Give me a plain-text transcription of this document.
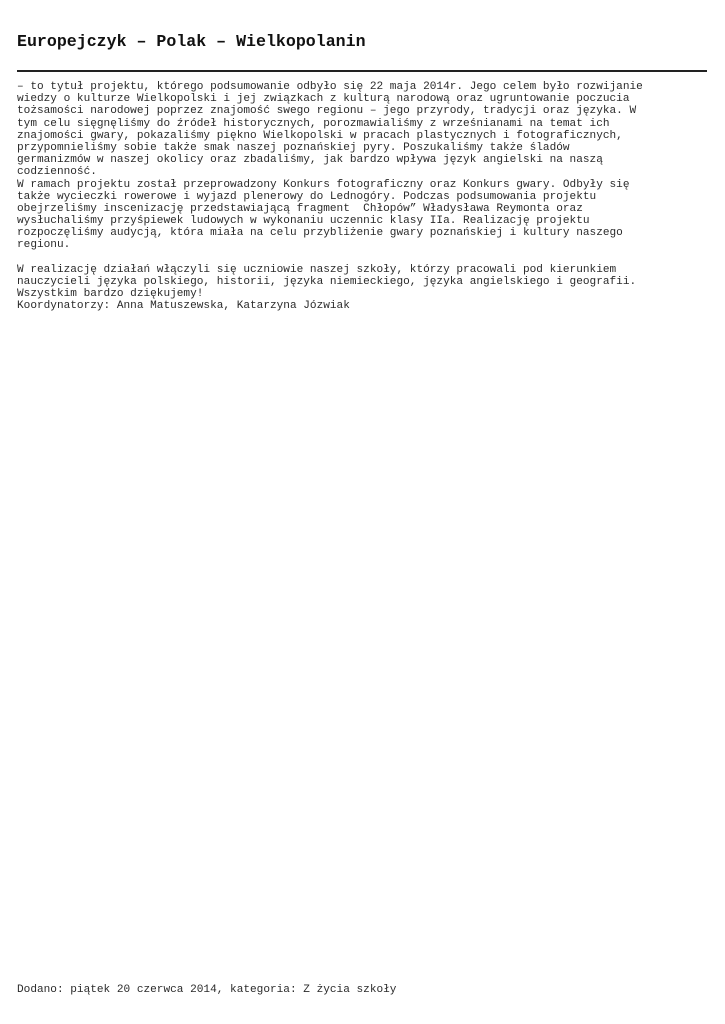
Europejczyk – Polak – Wielkopolanin
– to tytuł projektu, którego podsumowanie odbyło się 22 maja 2014r. Jego celem było rozwijanie
wiedzy o kulturze Wielkopolski i jej związkach z kulturą narodową oraz ugruntowanie poczucia
tożsamości narodowej poprzez znajomość swego regionu – jego przyrody, tradycji oraz języka. W
tym celu sięgnęliśmy do źródeł historycznych, porozmawialiśmy z wrześnianami na temat ich
znajomości gwary, pokazaliśmy piękno Wielkopolski w pracach plastycznych i fotograficznych,
przypomnieliśmy sobie także smak naszej poznańskiej pyry. Poszukaliśmy także śladów
germanizmów w naszej okolicy oraz zbadaliśmy, jak bardzo wpływa język angielski na naszą
codzienność.
W ramach projektu został przeprowadzony Konkurs fotograficzny oraz Konkurs gwary. Odbyły się
także wycieczki rowerowe i wyjazd plenerowy do Lednogóry. Podczas podsumowania projektu
obejrzeliśmy inscenizację przedstawiającą fragment  Chłopów” Władysława Reymonta oraz
wysłuchaliśmy przyśpiewek ludowych w wykonaniu uczennic klasy IIa. Realizację projektu
rozpoczęliśmy audycją, która miała na celu przybliżenie gwary poznańskiej i kultury naszego
regionu.
W realizację działań włączyli się uczniowie naszej szkoły, którzy pracowali pod kierunkiem
nauczycieli języka polskiego, historii, języka niemieckiego, języka angielskiego i geografii.
Wszystkim bardzo dziękujemy!
Koordynatorzy: Anna Matuszewska, Katarzyna Józwiak
Dodano: piątek 20 czerwca 2014, kategoria: Z życia szkoły
